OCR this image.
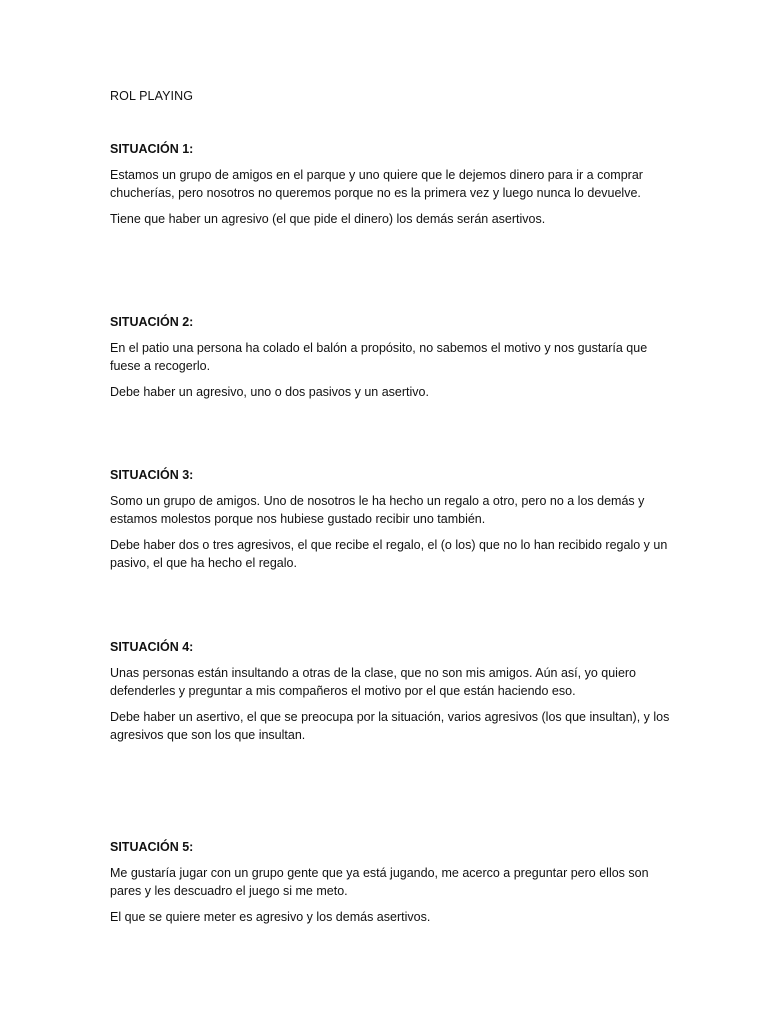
ROL PLAYING
SITUACIÓN 1:

Estamos un grupo de amigos en el parque y uno quiere que le dejemos dinero para ir a comprar chucherías, pero nosotros no queremos porque no es la primera vez y luego nunca lo devuelve.

Tiene que haber un agresivo (el que pide el dinero) los demás serán asertivos.

SITUACIÓN 2:

En el patio una persona ha colado el balón a propósito, no sabemos el motivo y nos gustaría que fuese a recogerlo.

Debe haber un agresivo, uno o dos pasivos y un asertivo.

SITUACIÓN 3:

Somo un grupo de amigos. Uno de nosotros le ha hecho un regalo a otro, pero no a los demás y estamos molestos porque nos hubiese gustado recibir uno también.

Debe haber dos o tres agresivos, el que recibe el regalo, el (o los) que no lo han recibido regalo y un pasivo, el que ha hecho el regalo.

SITUACIÓN 4:

Unas personas están insultando a otras de la clase, que no son mis amigos. Aún así, yo quiero defenderles y preguntar a mis compañeros el motivo por el que están haciendo eso.

Debe haber un asertivo, el que se preocupa por la situación, varios agresivos (los que insultan), y los agresivos que son los que insultan.

SITUACIÓN 5:

Me gustaría jugar con un grupo gente que ya está jugando, me acerco a preguntar pero ellos son pares y les descuadro el juego si me meto.

El que se quiere meter es agresivo y los demás asertivos.
